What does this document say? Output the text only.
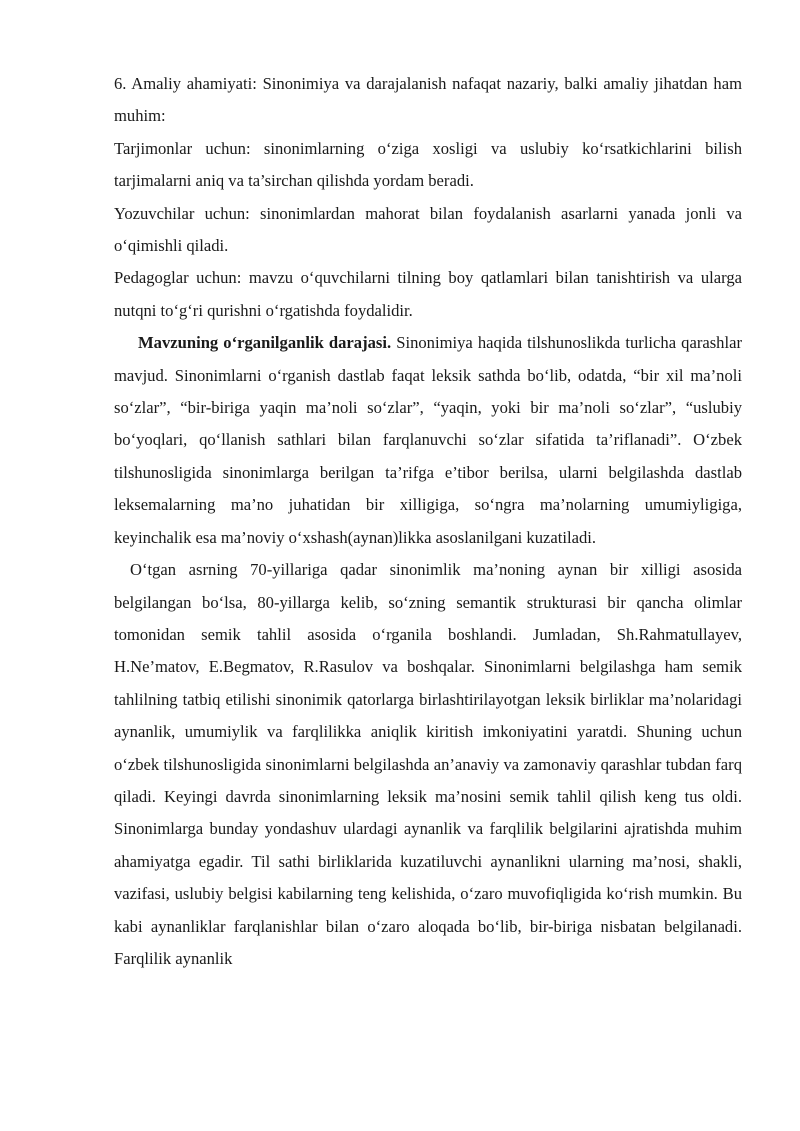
6. Amaliy ahamiyati: Sinonimiya va darajalanish nafaqat nazariy, balki amaliy jihatdan ham muhim:

Tarjimonlar uchun: sinonimlarning o‘ziga xosligi va uslubiy ko‘rsatkichlarini bilish tarjimalarni aniq va ta’sirchan qilishda yordam beradi.

Yozuvchilar uchun: sinonimlardan mahorat bilan foydalanish asarlarni yanada jonli va o‘qimishli qiladi.

Pedagoglar uchun: mavzu o‘quvchilarni tilning boy qatlamlari bilan tanishtirish va ularga nutqni to‘g‘ri qurishni o‘rgatishda foydalidir.

Mavzuning o‘rganilganlik darajasi. Sinonimiya haqida tilshunoslikda turlicha qarashlar mavjud. Sinonimlarni o‘rganish dastlab faqat leksik sathda bo‘lib, odatda, “bir xil ma’noli so‘zlar”, “bir-biriga yaqin ma’noli so‘zlar”, “yaqin, yoki bir ma’noli so‘zlar”, “uslubiy bo‘yoqlari, qo‘llanish sathlari bilan farqlanuvchi so‘zlar sifatida ta’riflanadi”. O‘zbek tilshunosligida sinonimlarga berilgan ta’rifga e’tibor berilsa, ularni belgilashda dastlab leksemalarning ma’no juhatidan bir xilligiga, so‘ngra ma’nolarning umumiyligiga, keyinchalik esa ma’noviy o‘xshash(aynan)likka asoslanilgani kuzatiladi.

O‘tgan asrning 70-yillariga qadar sinonimlik ma’noning aynan bir xilligi asosida belgilangan bo‘lsa, 80-yillarga kelib, so‘zning semantik strukturasi bir qancha olimlar tomonidan semik tahlil asosida o‘rganila boshlandi. Jumladan, Sh.Rahmatullayev, H.Ne’matov, E.Begmatov, R.Rasulov va boshqalar. Sinonimlarni belgilashga ham semik tahlilning tatbiq etilishi sinonimik qatorlarga birlashtirilayotgan leksik birliklar ma’nolaridagi aynanlik, umumiylik va farqlilikka aniqlik kiritish imkoniyatini yaratdi. Shuning uchun o‘zbek tilshunosligida sinonimlarni belgilashda an’anaviy va zamonaviy qarashlar tubdan farq qiladi. Keyingi davrda sinonimlarning leksik ma’nosini semik tahlil qilish keng tus oldi. Sinonimlarga bunday yondashuv ulardagi aynanlik va farqlilik belgilarini ajratishda muhim ahamiyatga egadir. Til sathi birliklarida kuzatiluvchi aynanlikni ularning ma’nosi, shakli, vazifasi, uslubiy belgisi kabilarning teng kelishida, o‘zaro muvofiqligida ko‘rish mumkin. Bu kabi aynanliklar farqlanishlar bilan o‘zaro aloqada bo‘lib, bir-biriga nisbatan belgilanadi. Farqlilik aynanlik
